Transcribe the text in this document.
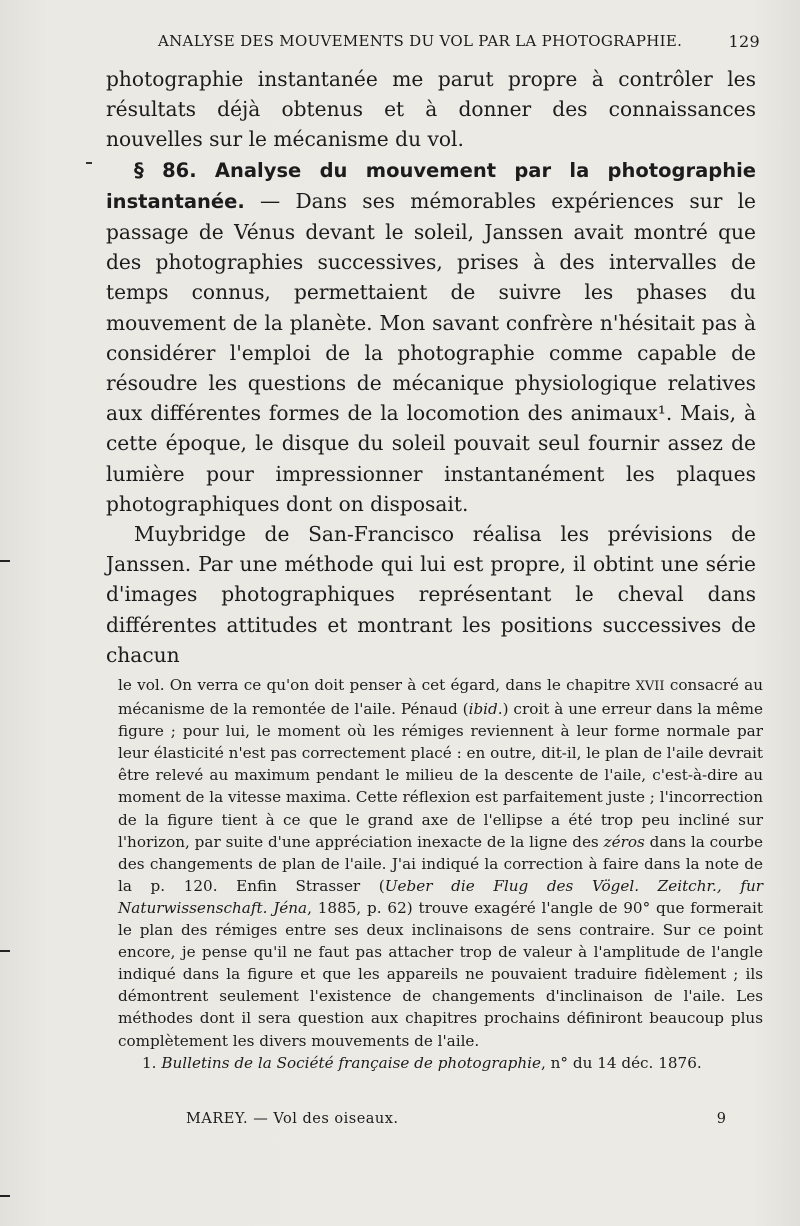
ANALYSE DES MOUVEMENTS DU VOL PAR LA PHOTOGRAPHIE.	129

photographie instantanée me parut propre à contrôler les résultats déjà obtenus et à donner des connaissances nouvelles sur le mécanisme du vol.

§ 86. Analyse du mouvement par la photographie instantanée. — Dans ses mémorables expériences sur le passage de Vénus devant le soleil, Janssen avait montré que des photographies successives, prises à des intervalles de temps connus, permettaient de suivre les phases du mouvement de la planète. Mon savant confrère n'hésitait pas à considérer l'emploi de la photographie comme capable de résoudre les questions de mécanique physiologique relatives aux différentes formes de la locomotion des animaux¹. Mais, à cette époque, le disque du soleil pouvait seul fournir assez de lumière pour impressionner instantanément les plaques photographiques dont on disposait.

Muybridge de San-Francisco réalisa les prévisions de Janssen. Par une méthode qui lui est propre, il obtint une série d'images photographiques représentant le cheval dans différentes attitudes et montrant les positions successives de chacun

le vol. On verra ce qu'on doit penser à cet égard, dans le chapitre XVII consacré au mécanisme de la remontée de l'aile. Pénaud (ibid.) croit à une erreur dans la même figure ; pour lui, le moment où les rémiges reviennent à leur forme normale par leur élasticité n'est pas correctement placé : en outre, dit-il, le plan de l'aile devrait être relevé au maximum pendant le milieu de la descente de l'aile, c'est-à-dire au moment de la vitesse maxima. Cette réflexion est parfaitement juste ; l'incorrection de la figure tient à ce que le grand axe de l'ellipse a été trop peu incliné sur l'horizon, par suite d'une appréciation inexacte de la ligne des zéros dans la courbe des changements de plan de l'aile. J'ai indiqué la correction à faire dans la note de la p. 120. Enfin Strasser (Ueber die Flug des Vögel. Zeitchr., fur Naturwissenschaft. Jéna, 1885, p. 62) trouve exagéré l'angle de 90° que formerait le plan des rémiges entre ses deux inclinaisons de sens contraire. Sur ce point encore, je pense qu'il ne faut pas attacher trop de valeur à l'amplitude de l'angle indiqué dans la figure et que les appareils ne pouvaient traduire fidèlement ; ils démontrent seulement l'existence de changements d'inclinaison de l'aile. Les méthodes dont il sera question aux chapitres prochains définiront beaucoup plus complètement les divers mouvements de l'aile.

1. Bulletins de la Société française de photographie, n° du 14 déc. 1876.

MAREY. — Vol des oiseaux.	9
